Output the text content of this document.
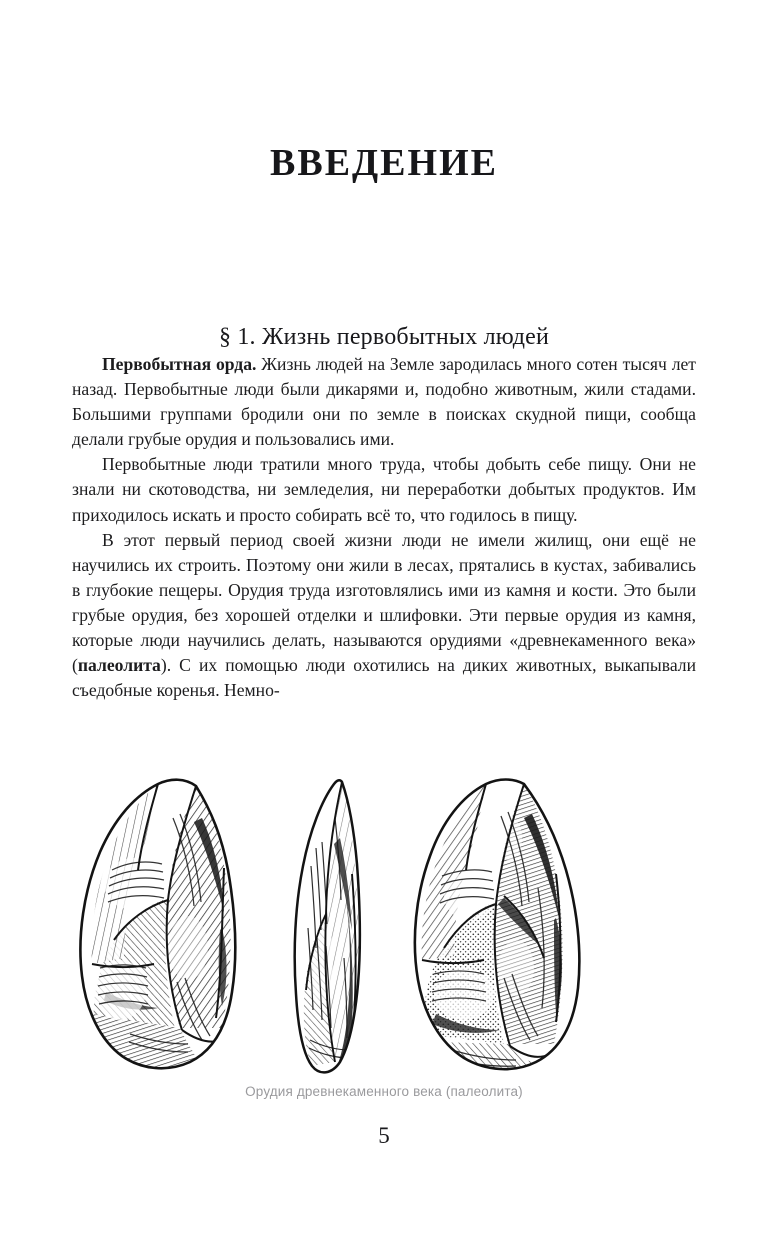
ВВЕДЕНИЕ
§ 1. Жизнь первобытных людей

Первобытная орда. Жизнь людей на Земле зародилась много сотен тысяч лет назад. Первобытные люди были дикарями и, подобно животным, жили стадами. Большими группами бродили они по земле в поисках скудной пищи, сообща делали грубые орудия и пользовались ими.

Первобытные люди тратили много труда, чтобы добыть себе пищу. Они не знали ни скотоводства, ни земледелия, ни переработки добытых продуктов. Им приходилось искать и просто собирать всё то, что годилось в пищу.

В этот первый период своей жизни люди не имели жилищ, они ещё не научились их строить. Поэтому они жили в лесах, прятались в кустах, забивались в глубокие пещеры. Орудия труда изготовлялись ими из камня и кости. Это были грубые орудия, без хорошей отделки и шлифовки. Эти первые орудия из камня, которые люди научились делать, называются орудиями «древнекаменного века» (палеолита). С их помощью люди охотились на диких животных, выкапывали съедобные коренья. Немно-

Орудия древнекаменного века (палеолита)
5
